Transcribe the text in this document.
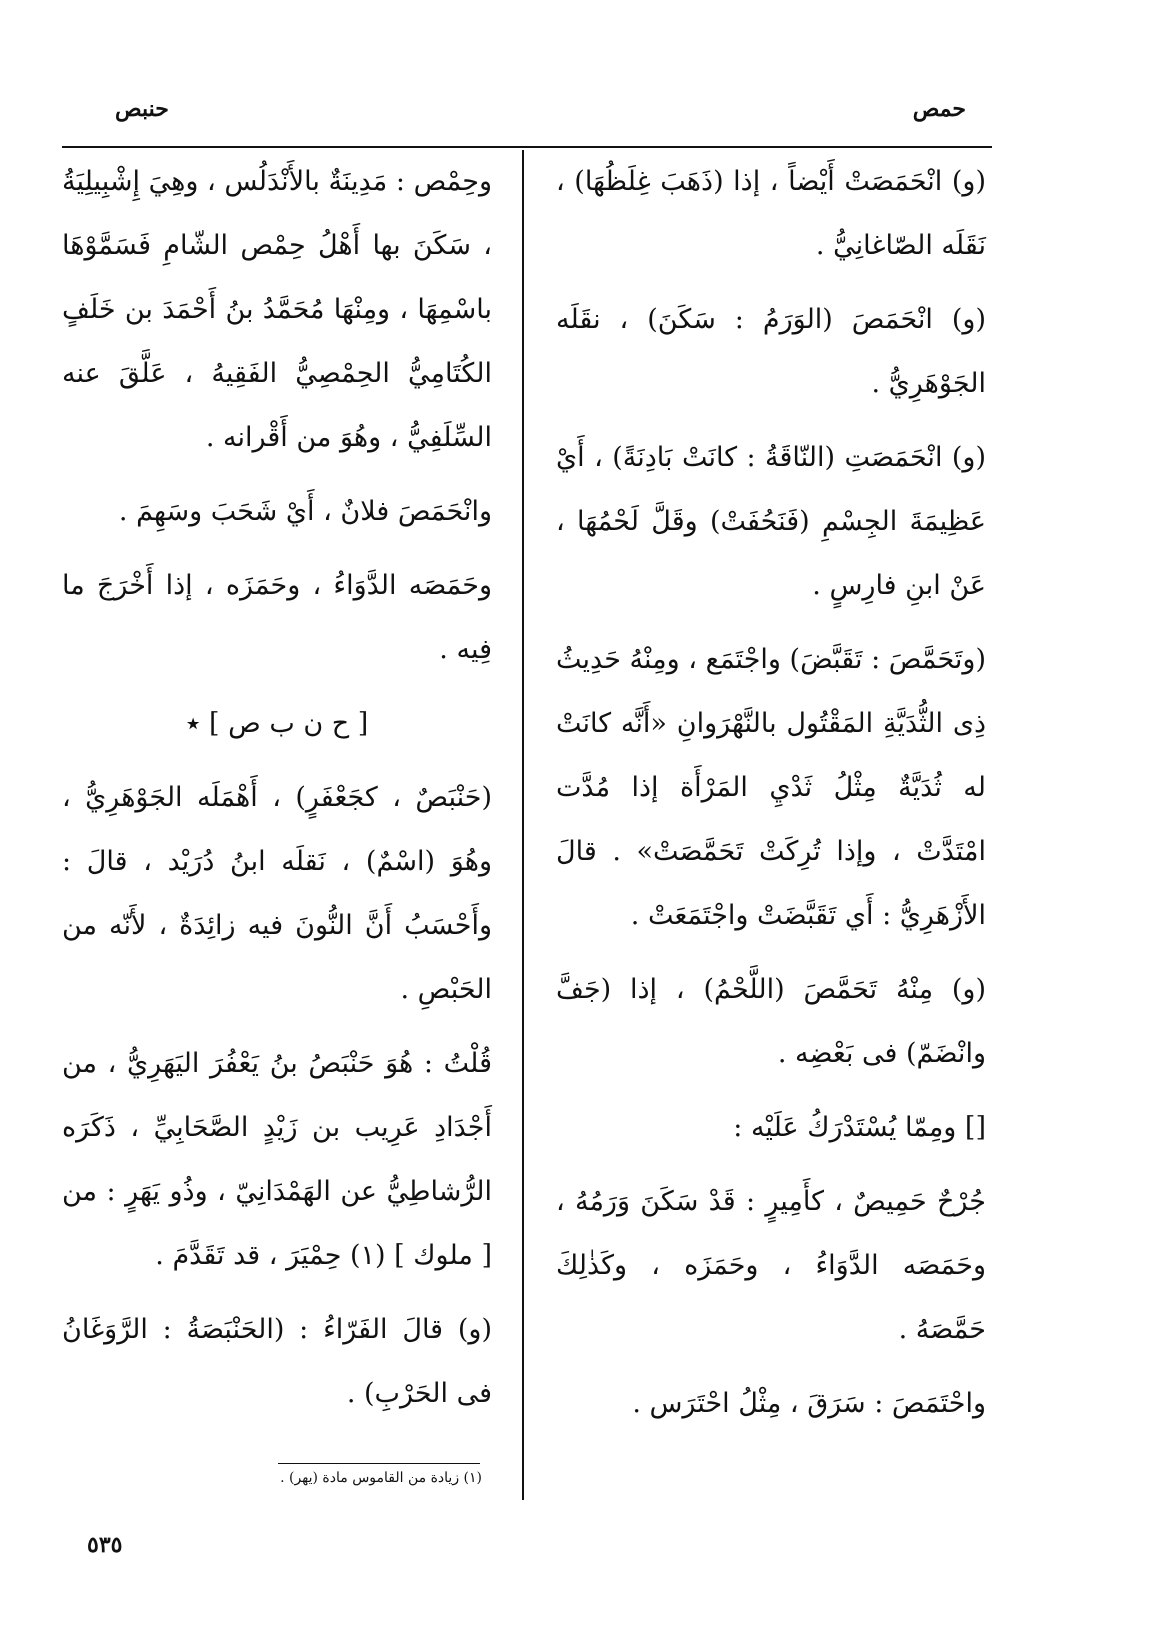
حمص
حنبص

(و) انْحَمَصَتْ أَيْضاً ، إذا (ذَهَبَ غِلَظُهَا) ، نَقَلَه الصّاغانِيُّ .

(و) انْحَمَصَ (الوَرَمُ : سَكَنَ) ، نقَلَه الجَوْهَرِيُّ .

(و) انْحَمَصَتِ (النّاقَةُ : كانَتْ بَادِنَةً) ، أَيْ عَظِيمَةَ الجِسْمِ (فَنَحُفَتْ) وقَلَّ لَحْمُهَا ، عَنْ ابنِ فارِسٍ .

(وتَحَمَّصَ : تَقَبَّضَ) واجْتَمَع ، ومِنْهُ حَدِيثُ ذِى الثُّدَيَّةِ المَقْتُول بالنَّهْرَوانِ «أَنَّه كانَتْ له ثُدَيَّةٌ مِثْلُ ثَدْيِ المَرْأَة إذا مُدَّت امْتَدَّتْ ، وإذا تُرِكَتْ تَحَمَّصَتْ» . قالَ الأَزْهَرِيُّ : أَي تَقَبَّضَتْ واجْتَمَعَتْ .

(و) مِنْهُ تَحَمَّصَ (اللَّحْمُ) ، إذا (جَفَّ وانْضَمّ) فى بَعْضِه .

[] ومِمّا يُسْتَدْرَكُ عَلَيْه :

جُرْحٌ حَمِيصٌ ، كأَمِيرٍ : قَدْ سَكَنَ وَرَمُهُ ، وحَمَصَه الدَّوَاءُ ، وحَمَزَه ، وكَذٰلِكَ حَمَّصَهُ .

واحْتَمَصَ : سَرَقَ ، مِثْلُ احْتَرَس .

وحِمْص : مَدِينَةٌ بالأَنْدَلُس ، وهِيَ إِشْبِيلِيَةُ ، سَكَنَ بها أَهْلُ حِمْص الشّامِ فَسَمَّوْهَا باسْمِهَا ، ومِنْهَا مُحَمَّدُ بنُ أَحْمَدَ بن خَلَفٍ الكُتَامِيُّ الحِمْصِيُّ الفَقِيهُ ، عَلَّقَ عنه السِّلَفِيُّ ، وهُوَ من أَقْرانه .

وانْحَمَصَ فلانٌ ، أَيْ شَحَبَ وسَهِمَ .

وحَمَصَه الدَّوَاءُ ، وحَمَزَه ، إذا أَخْرَجَ ما فِيه .

[ ح ن ب ص ] ٭

(حَنْبَصٌ ، كجَعْفَرٍ) ، أَهْمَلَه الجَوْهَرِيُّ ، وهُوَ (اسْمٌ) ، نَقلَه ابنُ دُرَيْد ، قالَ : وأَحْسَبُ أَنَّ النُّونَ فيه زائِدَةٌ ، لأَنّه من الحَبْصِ .

قُلْتُ : هُوَ حَنْبَصُ بنُ يَعْفُرَ اليَهَرِيُّ ، من أَجْدَادِ عَرِيب بن زَيْدٍ الصَّحَابِيِّ ، ذَكَرَه الرُّشاطِيُّ عن الهَمْدَانِيّ ، وذُو يَهَرٍ : من [ ملوك ] (١) حِمْيَرَ ، قد تَقَدَّمَ .

(و) قالَ الفَرّاءُ : (الحَنْبَصَةُ : الرَّوَغَانُ فى الحَرْبِ) .

(١) زيادة من القاموس مادة (يهر) .
٥٣٥
